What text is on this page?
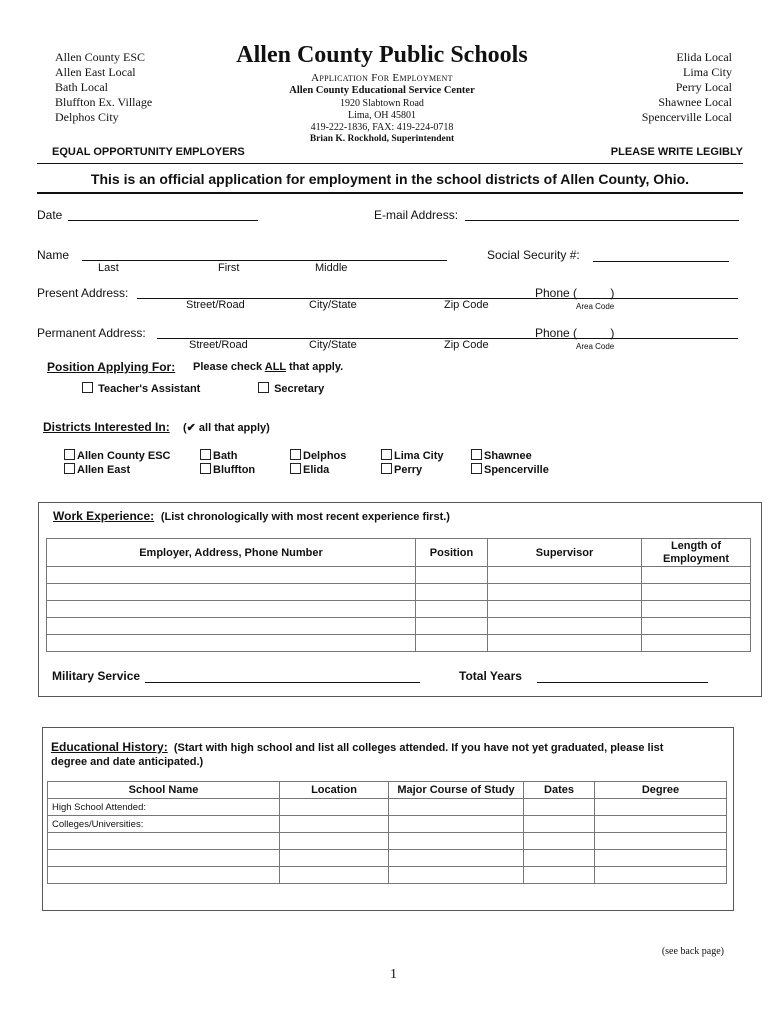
Allen County ESC
Allen East Local
Bath Local
Bluffton Ex. Village
Delphos City
Elida Local
Lima City
Perry Local
Shawnee Local
Spencerville Local
Allen County Public Schools
Application For Employment
Allen County Educational Service Center
1920 Slabtown Road
Lima, OH 45801
419-222-1836, FAX: 419-224-0718
Brian K. Rockhold, Superintendent
EQUAL OPPORTUNITY EMPLOYERS	PLEASE WRITE LEGIBLY
This is an official application for employment in the school districts of Allen County, Ohio.
Date	E-mail Address:
Name
Last	First	Middle
Social Security #:
Present Address:
Street/Road	City/State	Zip Code
Phone (          )
Area Code
Permanent Address:
Street/Road	City/State	Zip Code
Phone (          )
Area Code
Position Applying For: Please check ALL that apply.
Teacher's Assistant	Secretary
Districts Interested In: (✔ all that apply)
Allen County ESC
Allen East
Bath
Bluffton
Delphos
Elida
Lima City
Perry
Shawnee
Spencerville
Work Experience: (List chronologically with most recent experience first.)
Employer, Address, Phone Number	Position	Supervisor	Length of Employment

Military Service	Total Years
Educational History: (Start with high school and list all colleges attended. If you have not yet graduated, please list
degree and date anticipated.)
School Name	Location	Major Course of Study	Dates	Degree
High School Attended:				
Colleges/Universities:				

(see back page)
1
